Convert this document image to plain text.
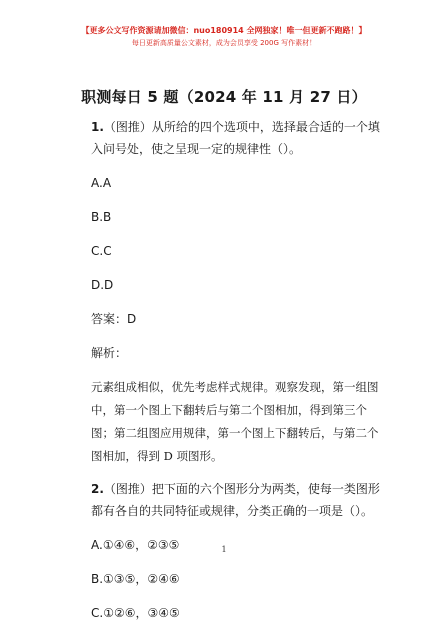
【更多公文写作资源请加微信：nuo180914 全网独家！唯一但更新不跑路！】
每日更新高质量公文素材，成为会员享受 200G 写作素材！
职测每日 5 题（2024 年 11 月 27 日）

1.（图推）从所给的四个选项中，选择最合适的一个填入问号处，使之呈现一定的规律性（）。

A.A
B.B
C.C
D.D
答案：D
解析：

元素组成相似，优先考虑样式规律。观察发现，第一组图中，第一个图上下翻转后与第二个图相加，得到第三个图；第二组图应用规律，第一个图上下翻转后，与第二个图相加，得到 D 项图形。

2.（图推）把下面的六个图形分为两类，使每一类图形都有各自的共同特征或规律，分类正确的一项是（）。

A.①④⑥，②③⑤
B.①③⑤，②④⑥
C.①②⑥，③④⑤
1
